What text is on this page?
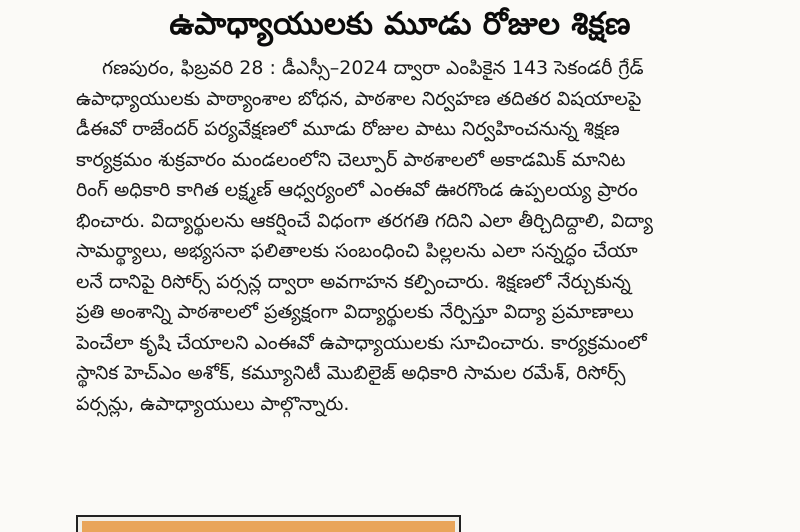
ఉపాధ్యాయులకు మూడు రోజుల శిక్షణ
గణపురం, ఫిబ్రవరి 28 : డీఎస్సీ–2024 ద్వారా ఎంపికైన 143 సెకండరీ గ్రేడ్
ఉపాధ్యాయులకు పాఠ్యాంశాల బోధన, పాఠశాల నిర్వహణ తదితర విషయాలపై
డీఈవో రాజేందర్ పర్యవేక్షణలో మూడు రోజుల పాటు నిర్వహించనున్న శిక్షణ
కార్యక్రమం శుక్రవారం మండలంలోని చెల్పూర్ పాఠశాలలో అకాడమిక్ మానిట
రింగ్ అధికారి కాగిత లక్ష్మణ్ ఆధ్వర్యంలో ఎంఈవో ఊరగొండ ఉప్పలయ్య ప్రారం
భించారు. విద్యార్థులను ఆకర్షించే విధంగా తరగతి గదిని ఎలా తీర్చిదిద్దాలి, విద్యా
సామర్థ్యాలు, అభ్యసనా ఫలితాలకు సంబంధించి పిల్లలను ఎలా సన్నద్ధం చేయా
లనే దానిపై రిసోర్స్ పర్సన్ల ద్వారా అవగాహన కల్పించారు. శిక్షణలో నేర్చుకున్న
ప్రతి అంశాన్ని పాఠశాలలో ప్రత్యక్షంగా విద్యార్థులకు నేర్పిస్తూ విద్యా ప్రమాణాలు
పెంచేలా కృషి చేయాలని ఎంఈవో ఉపాధ్యాయులకు సూచించారు. కార్యక్రమంలో
స్థానిక హెచ్ఎం అశోక్, కమ్యూనిటీ మొబిలైజ్ అధికారి సామల రమేశ్, రిసోర్స్
పర్సన్లు, ఉపాధ్యాయులు పాల్గొన్నారు.
